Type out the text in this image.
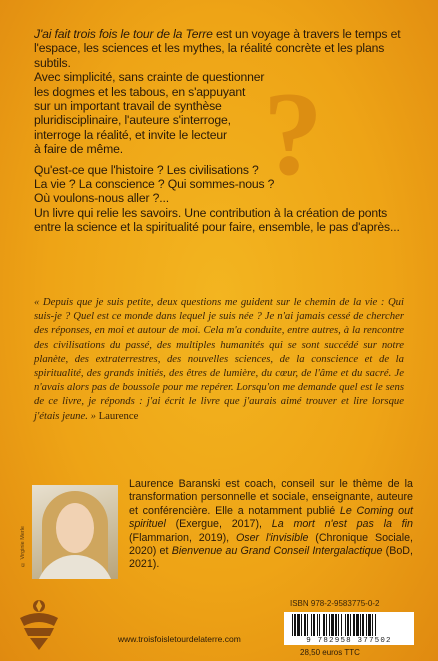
?

J'ai fait trois fois le tour de la Terre est un voyage à travers le temps et l'espace, les sciences et les mythes, la réalité concrète et les plans subtils.

Avec simplicité, sans crainte de questionner
les dogmes et les tabous, en s'appuyant
sur un important travail de synthèse
pluridisciplinaire, l'auteure s'interroge,
interroge la réalité, et invite le lecteur
à faire de même.
Qu'est-ce que l'histoire ? Les civilisations ?
La vie ? La conscience ? Qui sommes-nous ?
Où voulons-nous aller ?...

Un livre qui relie les savoirs. Une contribution à la création de ponts entre la science et la spiritualité pour faire, ensemble, le pas d'après...

« Depuis que je suis petite, deux questions me guident sur le chemin de la vie : Qui suis-je ? Quel est ce monde dans lequel je suis née ? Je n'ai jamais cessé de chercher des réponses, en moi et autour de moi. Cela m'a conduite, entre autres, à la rencontre des civilisations du passé, des multiples humanités qui se sont succédé sur notre planète, des extraterrestres, des nouvelles sciences, de la conscience et de la spiritualité, des grands initiés, des êtres de lumière, du cœur, de l'âme et du sacré. Je n'avais alors pas de boussole pour me repérer. Lorsqu'on me demande quel est le sens de ce livre, je réponds : j'ai écrit le livre que j'aurais aimé trouver et lire lorsque j'étais jeune. » Laurence
© Virginie Merle
Laurence Baranski est coach, conseil sur le thème de la transformation personnelle et sociale, enseignante, auteure et conférencière. Elle a notamment publié Le Coming out spirituel (Exergue, 2017), La mort n'est pas la fin (Flammarion, 2019), Oser l'invisible (Chronique Sociale, 2020) et Bienvenue au Grand Conseil Intergalactique (BoD, 2021).
ISBN 978-2-9583775-0-2
9 782958 377502
28,50 euros TTC
www.troisfoisletourdelaterre.com
